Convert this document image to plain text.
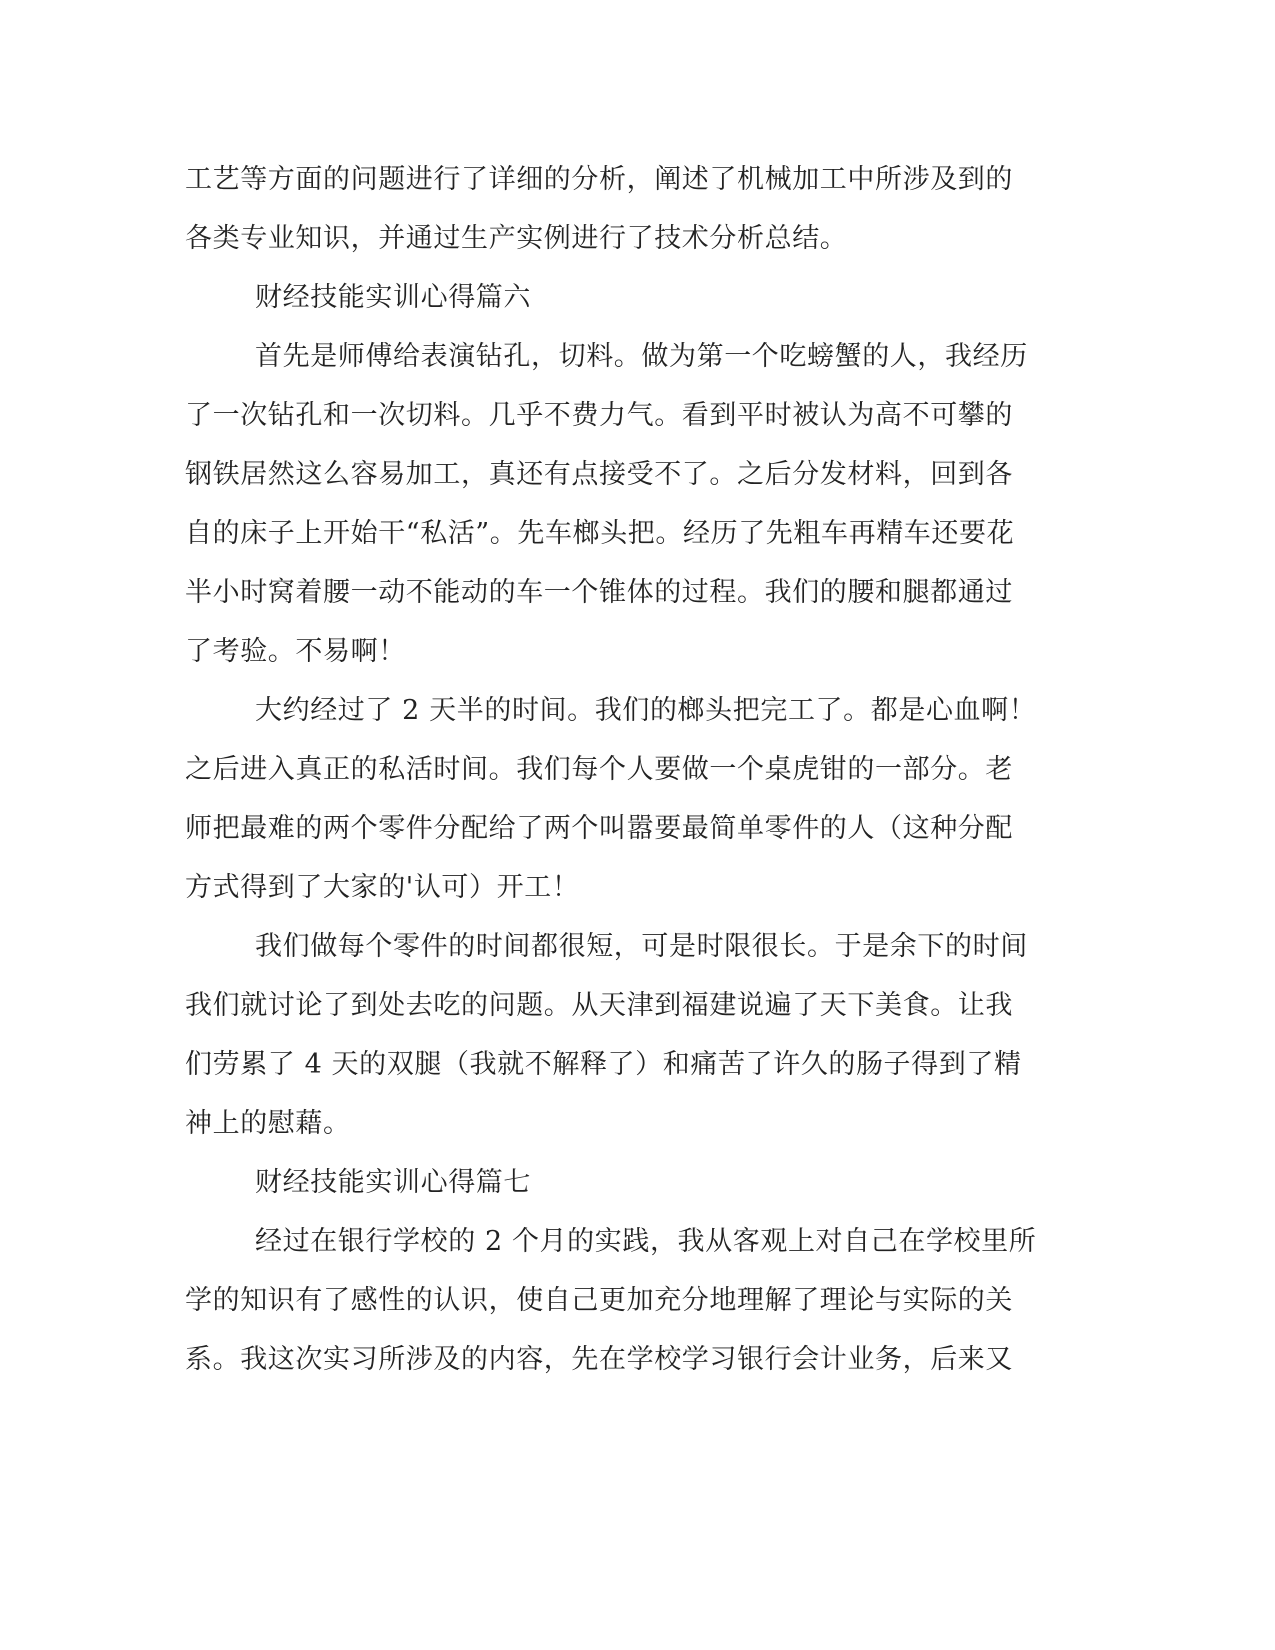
工艺等方面的问题进行了详细的分析，阐述了机械加工中所涉及到的
各类专业知识，并通过生产实例进行了技术分析总结。
财经技能实训心得篇六
首先是师傅给表演钻孔，切料。做为第一个吃螃蟹的人，我经历
了一次钻孔和一次切料。几乎不费力气。看到平时被认为高不可攀的
钢铁居然这么容易加工，真还有点接受不了。之后分发材料，回到各
自的床子上开始干“私活”。先车榔头把。经历了先粗车再精车还要花
半小时窝着腰一动不能动的车一个锥体的过程。我们的腰和腿都通过
了考验。不易啊！
大约经过了 2 天半的时间。我们的榔头把完工了。都是心血啊！
之后进入真正的私活时间。我们每个人要做一个桌虎钳的一部分。老
师把最难的两个零件分配给了两个叫嚣要最简单零件的人（这种分配
方式得到了大家的'认可）开工！
我们做每个零件的时间都很短，可是时限很长。于是余下的时间
我们就讨论了到处去吃的问题。从天津到福建说遍了天下美食。让我
们劳累了 4 天的双腿（我就不解释了）和痛苦了许久的肠子得到了精
神上的慰藉。
财经技能实训心得篇七
经过在银行学校的 2 个月的实践，我从客观上对自己在学校里所
学的知识有了感性的认识，使自己更加充分地理解了理论与实际的关
系。我这次实习所涉及的内容，先在学校学习银行会计业务，后来又
